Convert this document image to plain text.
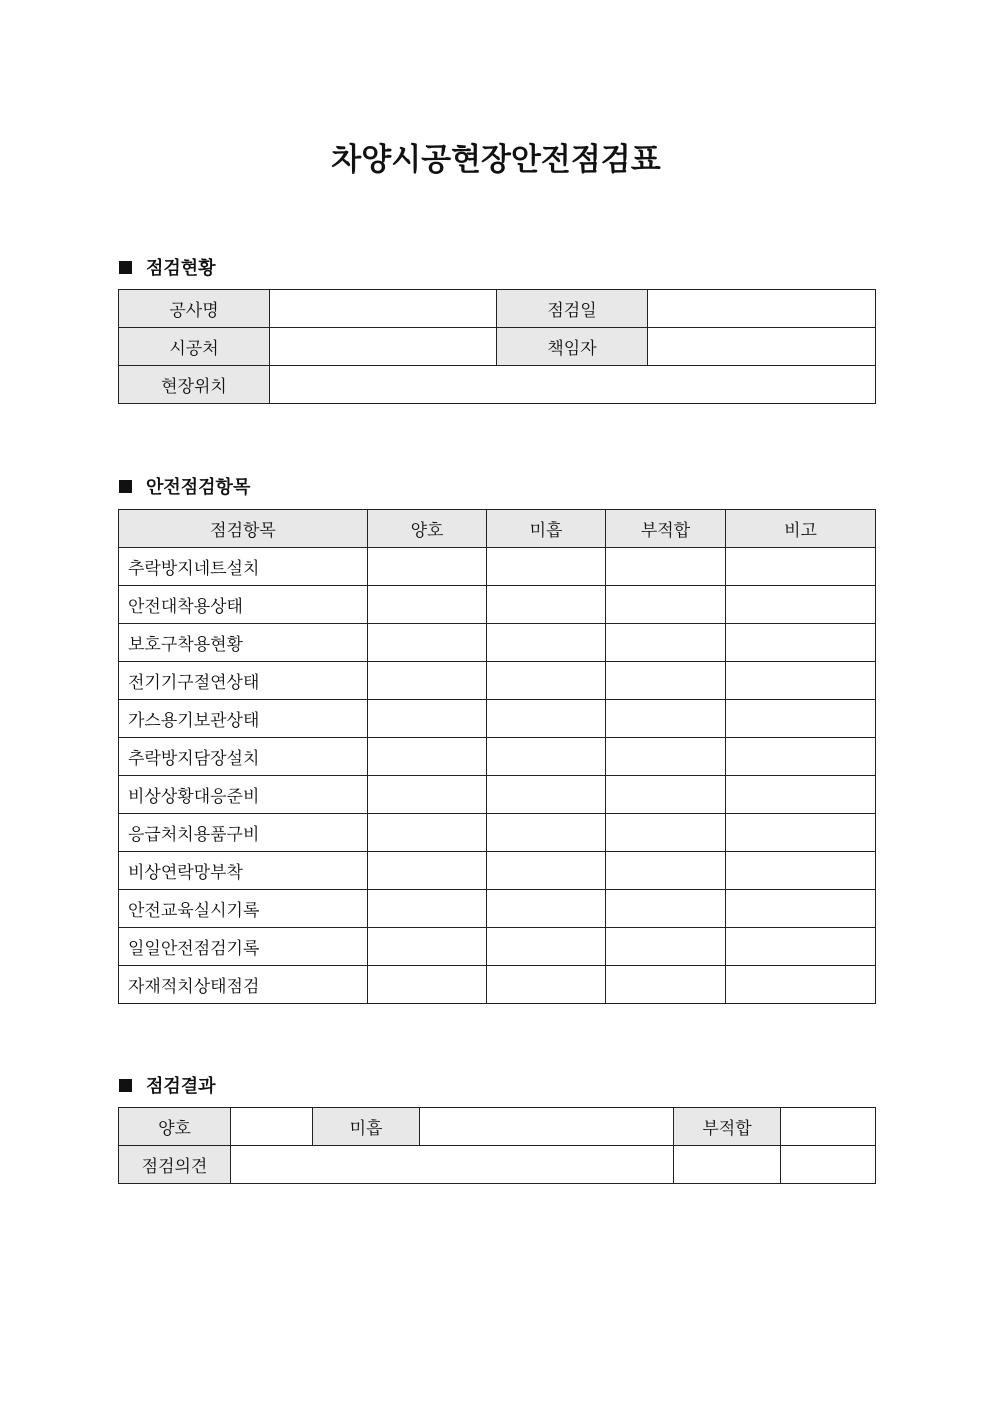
차양시공현장안전점검표
점검현황
공사명		점검일	
시공처		책임자	
현장위치			
안전점검항목
점검항목	양호	미흡	부적합	비고
추락방지네트설치				
안전대착용상태				
보호구착용현황				
전기기구절연상태				
가스용기보관상태				
추락방지담장설치				
비상상황대응준비				
응급처치용품구비				
비상연락망부착				
안전교육실시기록				
일일안전점검기록				
자재적치상태점검				
점검결과
양호		미흡		부적합	
점검의견					
